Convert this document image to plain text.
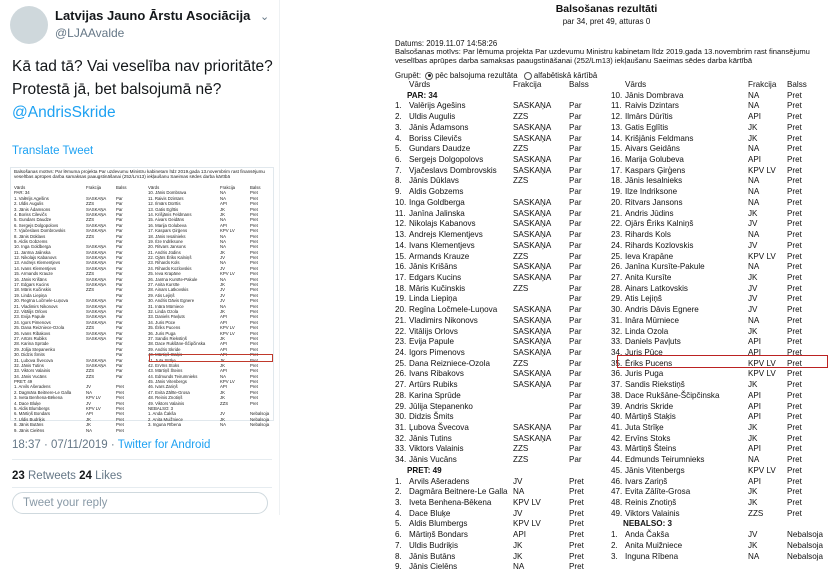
Latvijas Jauno Ārstu Asociācija
@LJAAvalde
⌄
Kā tad tā? Vai veselība nav prioritāte?
Protestā jā, bet balsojumā nē?
@AndrisSkride
Translate Tweet
Balsošanas motīvs: Par lēmuma projekta Par uzdevumu Ministru kabinetam līdz 2019.gada 13.novembrim rast finansējumu veselības aprūpes darba samaksas paaugstināšanai (252/Lm13) iekļaušanu Saeimas sēdes darba kārtībā
Vārds	Frakcija	Balss
PAR: 34
1. Valērijs Agešins	SASKAŅA Par
2. Uldis Augulis	ZZS	Par
3. Jānis Ādamsons	SASKAŅA Par
4. Boriss Cilevičs	SASKAŅA Par
5. Gundars Daudze	ZZS	Par
6. Sergejs Dolgopolovs	SASKAŅA Par
7. Vjačeslavs Dombrovskis	SASKAŅA Par
8. Jānis Dūklavs	ZZS	Par
9. Aldis Gobzems	Par
10. Inga Goldberga	SASKAŅA Par
11. Janīna Jalinska	SASKAŅA Par
12. Nikolajs Kabanovs	SASKAŅA Par
13. Andrejs Klementjevs	SASKAŅA Par
14. Ivans Klementjevs	SASKAŅA Par
15. Armands Krauze	ZZS	Par
16. Jānis Krišāns	SASKAŅA Par
17. Edgars Kucins	SASKAŅA Par
18. Māris Kučinskis	ZZS	Par
19. Linda Liepiņa	Par
20. Regīna Ločmele-Luņova	SASKAŅA Par
21. Vladimirs Nikonovs	SASKAŅA Par
22. Vitālijs Orlovs	SASKAŅA Par
23. Evija Papule	SASKAŅA Par
24. Igors Pimenovs	SASKAŅA Par
25. Dana Reizniece-Ozola	ZZS	Par
26. Ivans Ribakovs	SASKAŅA Par
27. Artūrs Rubiks	SASKAŅA Par
28. Karina Sprūde	Par
29. Jūlija Stepanenko	Par
30. Didzis Šmits	Par
31. Ļubova Švecova	SASKAŅA Par
32. Jānis Tutins	SASKAŅA Par
33. Viktors Valainis	ZZS	Par
34. Jānis Vucāns	ZZS	Par
PRET: 49
1. Arvils Ašeradens	JV	Pret
2. Dagmāra Beitnere-Le Galla	NA	Pret
3. Iveta Benhena-Bēkena	KPV LV	Pret
4. Dace Bluķe	JV	Pret
5. Aldis Blumbergs	KPV LV	Pret
6. Mārtiņš Bondars	API	Pret
7. Uldis Budriķis	JK	Pret
8. Jānis Butāns	JK	Pret
9. Jānis Cielēns	NA	Pret
Vārds	Frakcija	Balss
10. Jānis Dombrava	NA	Pret
11. Raivis Dzintars	NA	Pret
12. Ilmārs Dūrītis	API	Pret
13. Gatis Eglītis	JK	Pret
14. Krišjānis Feldmans	JK	Pret
15. Aivars Geidāns	NA	Pret
16. Marija Golubeva	API	Pret
17. Kaspars Ģirģens	KPV LV	Pret
18. Jānis Iesalnieks	NA	Pret
19. Ilze Indriksone	NA	Pret
20. Ritvars Jansons	NA	Pret
21. Andris Jūdins	JK	Pret
22. Ojārs Ēriks Kalniņš	JV	Pret
23. Rihards Kols	NA	Pret
24. Rihards Kozlovskis	JV	Pret
25. Ieva Krapāne	KPV LV	Pret
26. Janīna Kursīte-Pakule	NA	Pret
27. Anita Kursīte	JK	Pret
28. Ainars Latkovskis	JV	Pret
29. Atis Lejiņš	JV	Pret
30. Andris Dāvis Egnere	JV	Pret
31. Ināra Mūrniece	NA	Pret
32. Linda Ozola	JK	Pret
33. Daniels Pavļuts	API	Pret
34. Juris Pūce	API	Pret
35. Ēriks Pucens	KPV LV	Pret
36. Juris Puga	KPV LV	Pret
37. Sandis Riekstiņš	JK	Pret
38. Dace Rukšāne-Ščipčinska	API	Pret
39. Andris Skride	API	Pret
40. Mārtiņš Staķis	API	Pret
41. Juta Strīķe	JK	Pret
42. Ervīns Stoks	JK	Pret
43. Mārtiņš Šteins	API	Pret
44. Edmunds Teirumnieks	NA	Pret
45. Jānis Vitenbergs	KPV LV	Pret
46. Ivars Zariņš	API	Pret
47. Evita Zālīte-Grosa	JK	Pret
48. Reinis Znotiņš	JK	Pret
49. Viktors Valainis	ZZS	Pret
NEBALSO: 3
1. Anda Čakša	JV	Nebalsoja
2. Anita Muižniece	JK	Nebalsoja
3. Inguna Rībena	NA	Nebalsoja
18:37 · 07/11/2019 · Twitter for Android
23 Retweets 24 Likes
Tweet your reply
Balsošanas rezultāti
par 34, pret 49, atturas 0
Datums: 2019.11.07 14:58:26
Balsošanas motīvs: Par lēmuma projekta Par uzdevumu Ministru kabinetam līdz 2019.gada 13.novembrim rast finansējumu veselības aprūpes darba samaksas paaugstināšanai (252/Lm13) iekļaušanu Saeimas sēdes darba kārtībā
Grupēt: pēc balsojuma rezultāta alfabētiskā kārtībā
Vārds	Frakcija	Balss
PAR: 34
1. Valērijs Agešins	SASKAŅA Par
2. Uldis Augulis	ZZS	Par
3. Jānis Ādamsons	SASKAŅA Par
4. Boriss Cilevičs	SASKAŅA Par
5. Gundars Daudze	ZZS	Par
6. Sergejs Dolgopolovs	SASKAŅA Par
7. Vjačeslavs Dombrovskis SASKAŅA Par
8. Jānis Dūklavs	ZZS	Par
9. Aldis Gobzems	Par
10. Inga Goldberga	SASKAŅA Par
11. Janīna Jalinska	SASKAŅA Par
12. Nikolajs Kabanovs	SASKAŅA Par
13. Andrejs Klementjevs	SASKAŅA Par
14. Ivans Klementjevs	SASKAŅA Par
15. Armands Krauze	ZZS	Par
16. Jānis Krišāns	SASKAŅA Par
17. Edgars Kucins	SASKAŅA Par
18. Māris Kučinskis	ZZS	Par
19. Linda Liepiņa	Par
20. Regīna Ločmele-Luņova SASKAŅA Par
21. Vladimirs Nikonovs	SASKAŅA Par
22. Vitālijs Orlovs	SASKAŅA Par
23. Evija Papule	SASKAŅA Par
24. Igors Pimenovs	SASKAŅA Par
25. Dana Reizniece-Ozola	ZZS	Par
26. Ivans Ribakovs	SASKAŅA Par
27. Artūrs Rubiks	SASKAŅA Par
28. Karina Sprūde	Par
29. Jūlija Stepanenko	Par
30. Didzis Šmits	Par
31. Ļubova Švecova	SASKAŅA Par
32. Jānis Tutins	SASKAŅA Par
33. Viktors Valainis	ZZS	Par
34. Jānis Vucāns	ZZS	Par
PRET: 49
1. Arvils Ašeradens	JV	Pret
2. Dagmāra Beitnere-Le Galla NA	Pret
3. Iveta Benhena-Bēkena	KPV LV	Pret
4. Dace Bluķe	JV	Pret
5. Aldis Blumbergs	KPV LV	Pret
6. Mārtiņš Bondars	API	Pret
7. Uldis Budriķis	JK	Pret
8. Jānis Butāns	JK	Pret
9. Jānis Cielēns	NA	Pret
Vārds	Frakcija Balss
10. Jānis Dombrava	NA	Pret
11. Raivis Dzintars	NA	Pret
12. Ilmārs Dūrītis	API	Pret
13. Gatis Eglītis	JK	Pret
14. Krišjānis Feldmans	JK	Pret
15. Aivars Geidāns	NA	Pret
16. Marija Golubeva	API	Pret
17. Kaspars Ģirģens	KPV LV Pret
18. Jānis Iesalnieks	NA	Pret
19. Ilze Indriksone	NA	Pret
20. Ritvars Jansons	NA	Pret
21. Andris Jūdins	JK	Pret
22. Ojārs Ēriks Kalniņš	JV	Pret
23. Rihards Kols	NA	Pret
24. Rihards Kozlovskis	JV	Pret
25. Ieva Krapāne	KPV LV Pret
26. Janīna Kursīte-Pakule	NA	Pret
27. Anita Kursīte	JK	Pret
28. Ainars Latkovskis	JV	Pret
29. Atis Lejiņš	JV	Pret
30. Andris Dāvis Egnere	JV	Pret
31. Ināra Mūrniece	NA	Pret
32. Linda Ozola	JK	Pret
33. Daniels Pavļuts	API	Pret
34. Juris Pūce	API	Pret
35. Ēriks Pucens	KPV LV Pret
36. Juris Puga	KPV LV Pret
37. Sandis Riekstiņš	JK	Pret
38. Dace Rukšāne-Ščipčinska	API	Pret
39. Andris Skride	API	Pret
40. Mārtiņš Staķis	API	Pret
41. Juta Strīķe	JK	Pret
42. Ervīns Stoks	JK	Pret
43. Mārtiņš Šteins	API	Pret
44. Edmunds Teirumnieks	NA	Pret
45. Jānis Vitenbergs	KPV LV Pret
46. Ivars Zariņš	API	Pret
47. Evita Zālīte-Grosa	JK	Pret
48. Reinis Znotiņš	JK	Pret
49. Viktors Valainis	ZZS	Pret
NEBALSO: 3
1. Anda Čakša	JV	Nebalsoja
2. Anita Muižniece	JK	Nebalsoja
3. Inguna Rībena	NA	Nebalsoja
